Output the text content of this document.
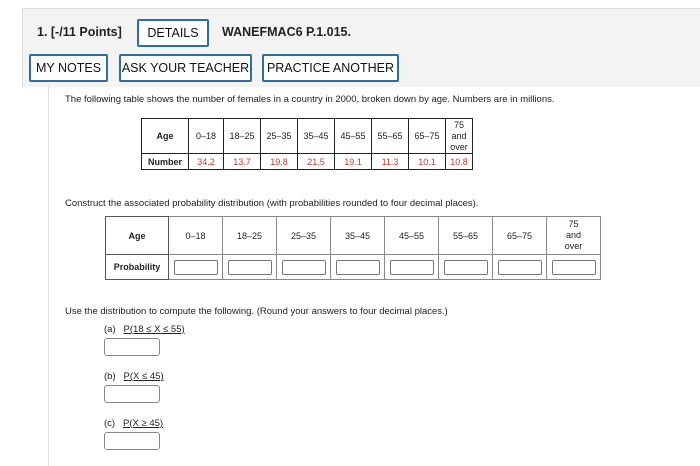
1. [-/11 Points]	DETAILS	WANEFMAC6 P.1.015.
MY NOTES	ASK YOUR TEACHER	PRACTICE ANOTHER
The following table shows the number of females in a country in 2000, broken down by age. Numbers are in millions.
Age	0–18	18–25	25–35	35–45	45–55	55–65	65–75	75
and
over

Number	34.2	13.7	19.8	21.5	19.1	11.3	10.1	10.8
Construct the associated probability distribution (with probabilities rounded to four decimal places).
Age	0–18	18–25	25–35	35–45	45–55	55–65	65–75	75
and
over

Probability								
Use the distribution to compute the following. (Round your answers to four decimal places.)
(a) P(18 ≤ X ≤ 55)
(b) P(X ≤ 45)
(c) P(X ≥ 45)
